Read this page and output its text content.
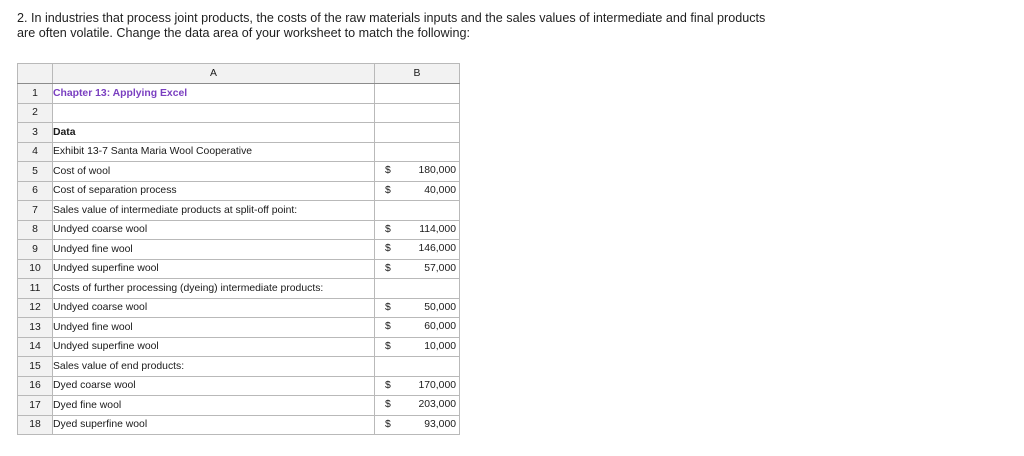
2. In industries that process joint products, the costs of the raw materials inputs and the sales values of intermediate and final products
are often volatile. Change the data area of your worksheet to match the following:
	A	B
1	Chapter 13: Applying Excel	

2		

3	Data	

4	Exhibit 13-7 Santa Maria Wool Cooperative	

5	Cost of wool	$ 180,000

6	Cost of separation process	$ 40,000

7	Sales value of intermediate products at split-off point:	

8	Undyed coarse wool	$ 114,000

9	Undyed fine wool	$ 146,000

10	Undyed superfine wool	$ 57,000

11	Costs of further processing (dyeing) intermediate products:	

12	Undyed coarse wool	$ 50,000

13	Undyed fine wool	$ 60,000

14	Undyed superfine wool	$ 10,000

15	Sales value of end products:	

16	Dyed coarse wool	$ 170,000

17	Dyed fine wool	$ 203,000

18	Dyed superfine wool	$ 93,000
